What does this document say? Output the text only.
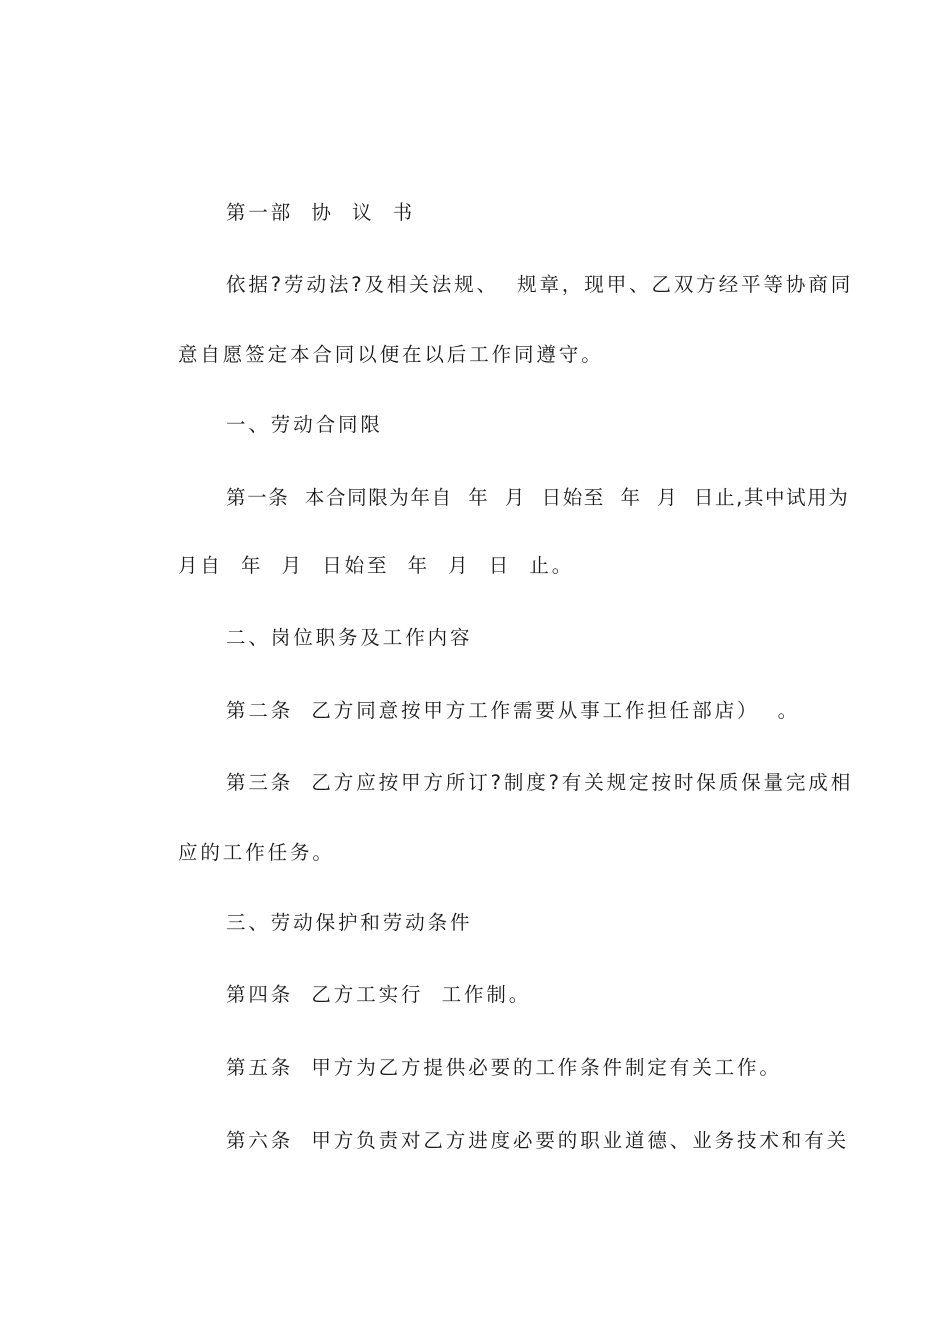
第一部  协  议  书
依据?劳动法?及相关法规、  规章，现甲、乙双方经平等协商同
意自愿签定本合同以便在以后工作同遵守。
一、劳动合同限
第一条  本合同限为年自  年  月  日始至  年  月  日止,其中试用为
月自  年  月  日始至  年  月  日  止。
二、岗位职务及工作内容
第二条  乙方同意按甲方工作需要从事工作担任部店）  。
第三条  乙方应按甲方所订?制度?有关规定按时保质保量完成相
应的工作任务。
三、劳动保护和劳动条件
第四条  乙方工实行  工作制。
第五条  甲方为乙方提供必要的工作条件制定有关工作。
第六条  甲方负责对乙方进度必要的职业道德、业务技术和有关
